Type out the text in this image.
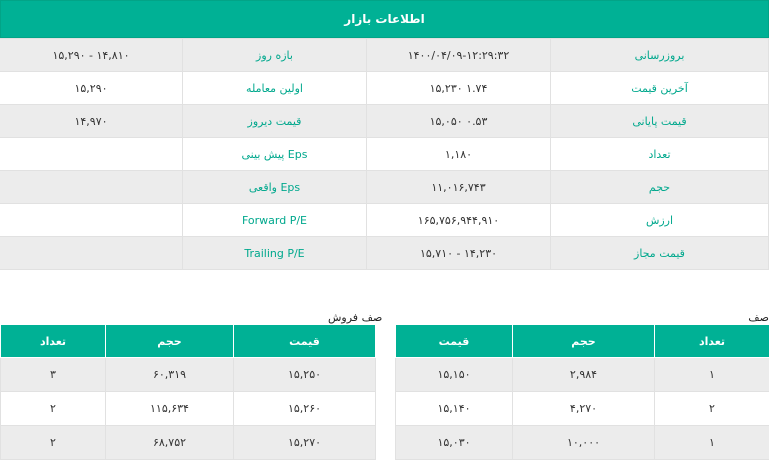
اطلاعات بازار
بروزرسانی	۱۴۰۰/۰۴/۰۹-۱۲:۲۹:۳۲	بازه روز	۱۴,۸۱۰ - ۱۵,۲۹۰
آخرین قیمت	۱.۷۴ ۱۵,۲۳۰	اولین معامله	۱۵,۲۹۰
قیمت پایانی	۰.۵۳ ۱۵,۰۵۰	قیمت دیروز	۱۴,۹۷۰
تعداد	۱,۱۸۰	Eps پیش بینی	
حجم	۱۱,۰۱۶,۷۴۳	Eps واقعی	
ارزش	۱۶۵,۷۵۶,۹۴۴,۹۱۰	Forward P/E	
قیمت مجاز	۱۴,۲۳۰ - ۱۵,۷۱۰	Trailing P/E	
صف فروش
قیمت	حجم	تعداد
۱۵,۲۵۰	۶۰,۳۱۹	۳
۱۵,۲۶۰	۱۱۵,۶۳۴	۲
۱۵,۲۷۰	۶۸,۷۵۲	۲
صف
تعداد	حجم	قیمت
۱	۲,۹۸۴	۱۵,۱۵۰
۲	۴,۲۷۰	۱۵,۱۴۰
۱	۱۰,۰۰۰	۱۵,۰۳۰
